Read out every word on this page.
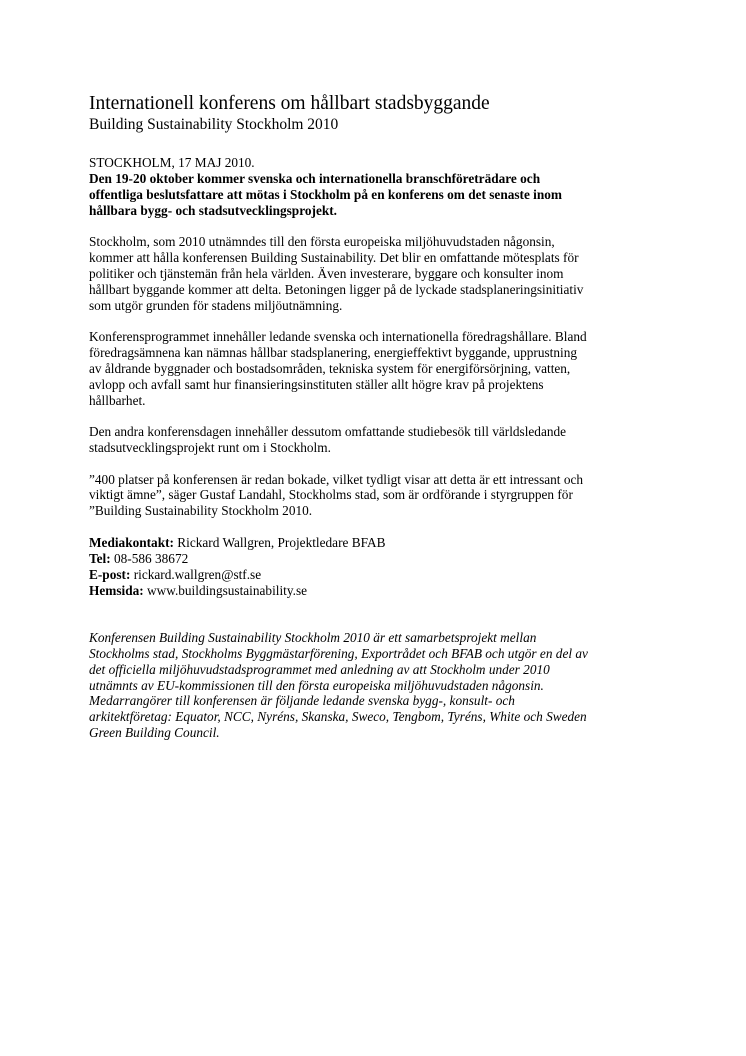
Internationell konferens om hållbart stadsbyggande
Building Sustainability Stockholm 2010
STOCKHOLM, 17 MAJ 2010.
Den 19-20 oktober kommer svenska och internationella branschföreträdare och
offentliga beslutsfattare att mötas i Stockholm på en konferens om det senaste inom
hållbara bygg- och stadsutvecklingsprojekt.
Stockholm, som 2010 utnämndes till den första europeiska miljöhuvudstaden någonsin,
kommer att hålla konferensen Building Sustainability. Det blir en omfattande mötesplats för
politiker och tjänstemän från hela världen. Även investerare, byggare och konsulter inom
hållbart byggande kommer att delta. Betoningen ligger på de lyckade stadsplaneringsinitiativ
som utgör grunden för stadens miljöutnämning.
Konferensprogrammet innehåller ledande svenska och internationella föredragshållare. Bland
föredragsämnena kan nämnas hållbar stadsplanering, energieffektivt byggande, upprustning
av åldrande byggnader och bostadsområden, tekniska system för energiförsörjning, vatten,
avlopp och avfall samt hur finansieringsinstituten ställer allt högre krav på projektens
hållbarhet.
Den andra konferensdagen innehåller dessutom omfattande studiebesök till världsledande
stadsutvecklingsprojekt runt om i Stockholm.
”400 platser på konferensen är redan bokade, vilket tydligt visar att detta är ett intressant och
viktigt ämne”, säger Gustaf Landahl, Stockholms stad, som är ordförande i styrgruppen för
”Building Sustainability Stockholm 2010.
Mediakontakt: Rickard Wallgren, Projektledare BFAB
Tel: 08-586 38672
E-post: rickard.wallgren@stf.se
Hemsida: www.buildingsustainability.se
Konferensen Building Sustainability Stockholm 2010 är ett samarbetsprojekt mellan
Stockholms stad, Stockholms Byggmästarförening, Exportrådet och BFAB och utgör en del av
det officiella miljöhuvudstadsprogrammet med anledning av att Stockholm under 2010
utnämnts av EU-kommissionen till den första europeiska miljöhuvudstaden någonsin.
Medarrangörer till konferensen är följande ledande svenska bygg-, konsult- och
arkitektföretag: Equator, NCC, Nyréns, Skanska, Sweco, Tengbom, Tyréns, White och Sweden
Green Building Council.
